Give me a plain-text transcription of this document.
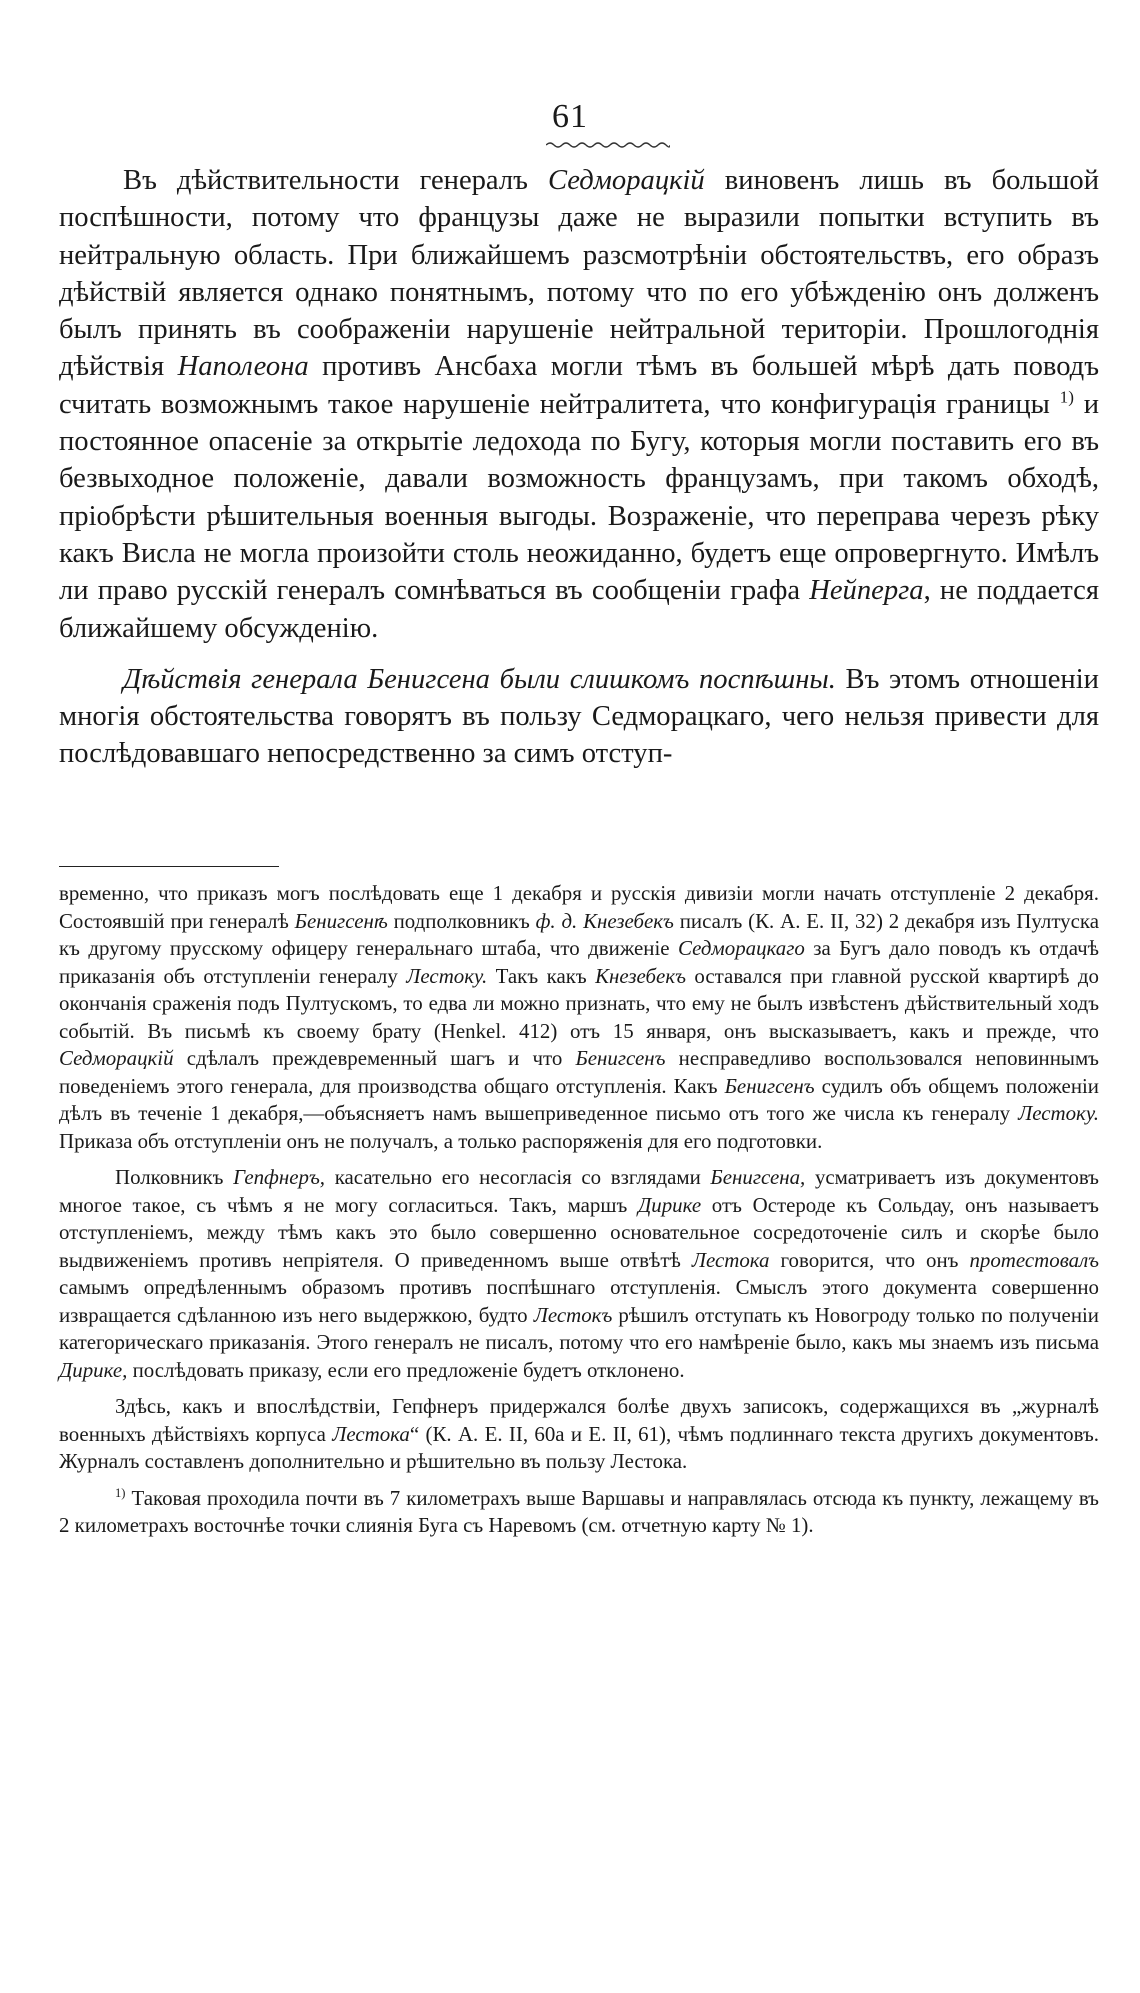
61

Въ дѣйствительности генералъ Седморацкій виновенъ лишь въ большой поспѣшности, потому что французы даже не выразили попытки вступить въ нейтральную область. При ближайшемъ разсмотрѣніи обстоятельствъ, его образъ дѣйствій является однако понятнымъ, потому что по его убѣжденію онъ долженъ былъ принять въ соображеніи нарушеніе нейтральной територіи. Прошлогоднія дѣйствія Наполеона противъ Ансбаха могли тѣмъ въ большей мѣрѣ дать поводъ считать возможнымъ такое нарушеніе нейтралитета, что конфигурація границы $^{1)}$ и постоянное опасеніе за открытіе ледохода по Бугу, которыя могли поставить его въ безвыходное положеніе, давали возможность французамъ, при такомъ обходѣ, пріобрѣсти рѣшительныя военныя выгоды. Возраженіе, что переправа черезъ рѣку какъ Висла не могла произойти столь неожиданно, будетъ еще опровергнуто. Имѣлъ ли право русскій генералъ сомнѣваться въ сообщеніи графа Нейперга, не поддается ближайшему обсужденію.

Дѣйствія генерала Бенигсена были слишкомъ поспѣшны. Въ этомъ отношеніи многія обстоятельства говорятъ въ пользу Седморацкаго, чего нельзя привести для послѣдовавшаго непосредственно за симъ отступ-

временно, что приказъ могъ послѣдовать еще 1 декабря и русскія дивизіи могли начать отступленіе 2 декабря. Состоявшій при генералѣ Бенигсенѣ подполковникъ ф. д. Кнезебекъ писалъ (К. А. Е. II, 32) 2 декабря изъ Пултуска къ другому прусскому офицеру генеральнаго штаба, что движеніе Седморацкаго за Бугъ дало поводъ къ отдачѣ приказанія объ отступленіи генералу Лестоку. Такъ какъ Кнезебекъ оставался при главной русской квартирѣ до окончанія сраженія подъ Пултускомъ, то едва ли можно признать, что ему не былъ извѣстенъ дѣйствительный ходъ событій. Въ письмѣ къ своему брату (Henkel. 412) отъ 15 января, онъ высказываетъ, какъ и прежде, что Седморацкій сдѣлалъ преждевременный шагъ и что Бенигсенъ несправедливо воспользовался неповиннымъ поведеніемъ этого генерала, для производства общаго отступленія. Какъ Бенигсенъ судилъ объ общемъ положеніи дѣлъ въ теченіе 1 декабря,—объясняетъ намъ вышеприведенное письмо отъ того же числа къ генералу Лестоку. Приказа объ отступленіи онъ не получалъ, а только распоряженія для его подготовки.

Полковникъ Гепфнеръ, касательно его несогласія со взглядами Бенигсена, усматриваетъ изъ документовъ многое такое, съ чѣмъ я не могу согласиться. Такъ, маршъ Дирике отъ Остероде къ Сольдау, онъ называетъ отступленіемъ, между тѣмъ какъ это было совершенно основательное сосредоточеніе силъ и скорѣе было выдвиженіемъ противъ непріятеля. О приведенномъ выше отвѣтѣ Лестока говорится, что онъ протестовалъ самымъ опредѣленнымъ образомъ противъ поспѣшнаго отступленія. Смыслъ этого документа совершенно извращается сдѣланною изъ него выдержкою, будто Лестокъ рѣшилъ отступать къ Новогроду только по полученіи категорическаго приказанія. Этого генералъ не писалъ, потому что его намѣреніе было, какъ мы знаемъ изъ письма Дирике, послѣдовать приказу, если его предложеніе будетъ отклонено.

Здѣсь, какъ и впослѣдствіи, Гепфнеръ придержался болѣе двухъ записокъ, содержащихся въ „журналѣ военныхъ дѣйствіяхъ корпуса Лестока“ (К. А. Е. II, 60a и Е. II, 61), чѣмъ подлиннаго текста другихъ документовъ. Журналъ составленъ дополнительно и рѣшительно въ пользу Лестока.

$^{1)}$ Таковая проходила почти въ 7 километрахъ выше Варшавы и направлялась отсюда къ пункту, лежащему въ 2 километрахъ восточнѣе точки слиянія Буга съ Наревомъ (см. отчетную карту № 1).
